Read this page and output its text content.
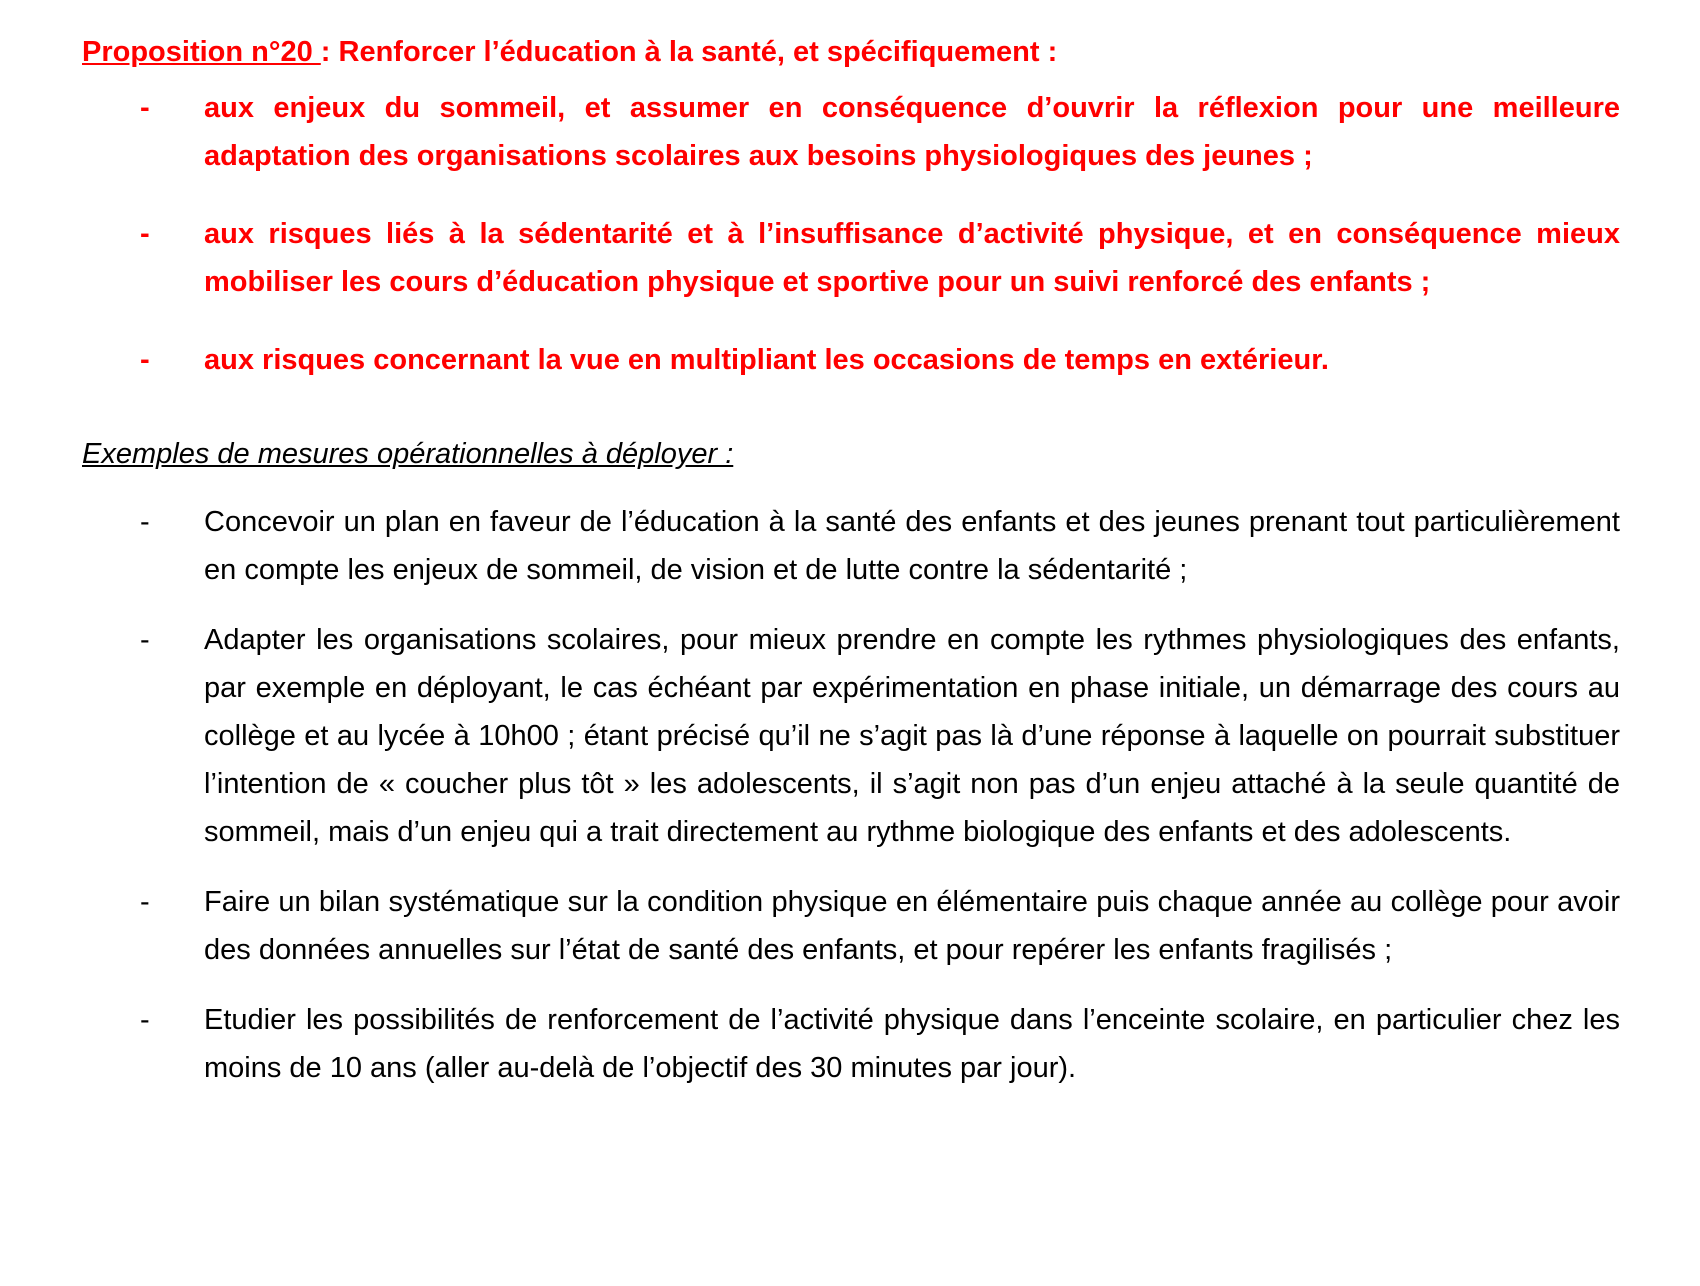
Proposition n°20 : Renforcer l’éducation à la santé, et spécifiquement :

- aux enjeux du sommeil, et assumer en conséquence d’ouvrir la réflexion pour une meilleure adaptation des organisations scolaires aux besoins physiologiques des jeunes ;
- aux risques liés à la sédentarité et à l’insuffisance d’activité physique, et en conséquence mieux mobiliser les cours d’éducation physique et sportive pour un suivi renforcé des enfants ;
- aux risques concernant la vue en multipliant les occasions de temps en extérieur.

Exemples de mesures opérationnelles à déployer :

- Concevoir un plan en faveur de l’éducation à la santé des enfants et des jeunes prenant tout particulièrement en compte les enjeux de sommeil, de vision et de lutte contre la sédentarité ;
- Adapter les organisations scolaires, pour mieux prendre en compte les rythmes physiologiques des enfants, par exemple en déployant, le cas échéant par expérimentation en phase initiale, un démarrage des cours au collège et au lycée à 10h00 ; étant précisé qu’il ne s’agit pas là d’une réponse à laquelle on pourrait substituer l’intention de « coucher plus tôt » les adolescents, il s’agit non pas d’un enjeu attaché à la seule quantité de sommeil, mais d’un enjeu qui a trait directement au rythme biologique des enfants et des adolescents.
- Faire un bilan systématique sur la condition physique en élémentaire puis chaque année au collège pour avoir des données annuelles sur l’état de santé des enfants, et pour repérer les enfants fragilisés ;
- Etudier les possibilités de renforcement de l’activité physique dans l’enceinte scolaire, en particulier chez les moins de 10 ans (aller au-delà de l’objectif des 30 minutes par jour).
